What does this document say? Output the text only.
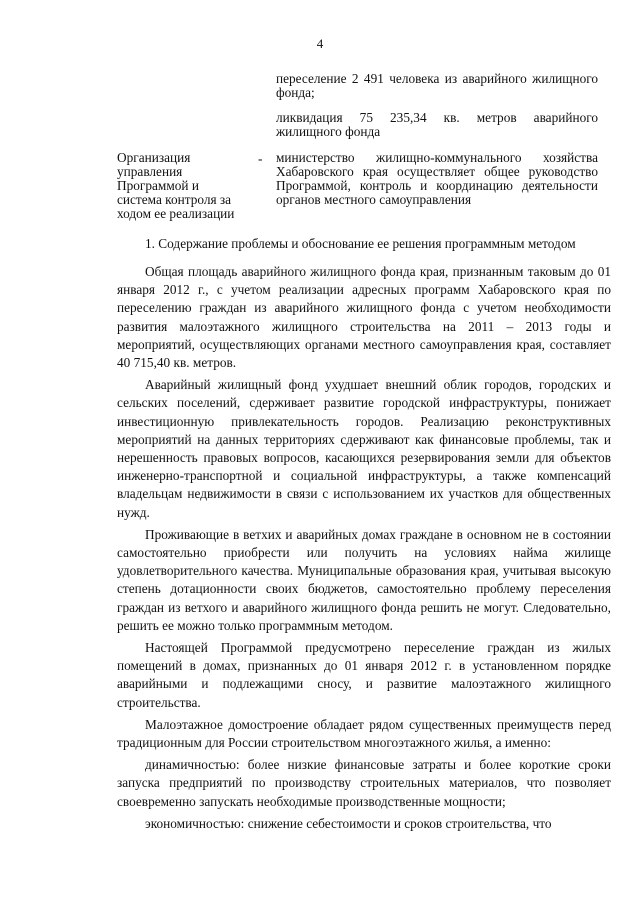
4
переселение 2 491 человека из аварийного жилищного фонда;
ликвидация 75 235,34 кв. метров аварийного жилищного фонда
Организация управления Программой и система контроля за ходом ее реализации
- министерство жилищно-коммунального хозяйства Хабаровского края осуществляет общее руководство Программой, контроль и координацию деятельности органов местного самоуправления
1. Содержание проблемы и обоснование ее решения программным методом

Общая площадь аварийного жилищного фонда края, признанным таковым до 01 января 2012 г., с учетом реализации адресных программ Хабаровского края по переселению граждан из аварийного жилищного фонда с учетом необходимости развития малоэтажного жилищного строительства на 2011 – 2013 годы и мероприятий, осуществляющих органами местного самоуправления края, составляет 40 715,40 кв. метров.

Аварийный жилищный фонд ухудшает внешний облик городов, городских и сельских поселений, сдерживает развитие городской инфраструктуры, понижает инвестиционную привлекательность городов. Реализацию реконструктивных мероприятий на данных территориях сдерживают как финансовые проблемы, так и нерешенность правовых вопросов, касающихся резервирования земли для объектов инженерно-транспортной и социальной инфраструктуры, а также компенсаций владельцам недвижимости в связи с использованием их участков для общественных нужд.

Проживающие в ветхих и аварийных домах граждане в основном не в состоянии самостоятельно приобрести или получить на условиях найма жилище удовлетворительного качества. Муниципальные образования края, учитывая высокую степень дотационности своих бюджетов, самостоятельно проблему переселения граждан из ветхого и аварийного жилищного фонда решить не могут. Следовательно, решить ее можно только программным методом.

Настоящей Программой предусмотрено переселение граждан из жилых помещений в домах, признанных до 01 января 2012 г. в установленном порядке аварийными и подлежащими сносу, и развитие малоэтажного жилищного строительства.

Малоэтажное домостроение обладает рядом существенных преимуществ перед традиционным для России строительством многоэтажного жилья, а именно:

динамичностью: более низкие финансовые затраты и более короткие сроки запуска предприятий по производству строительных материалов, что позволяет своевременно запускать необходимые производственные мощности;

экономичностью: снижение себестоимости и сроков строительства, что
